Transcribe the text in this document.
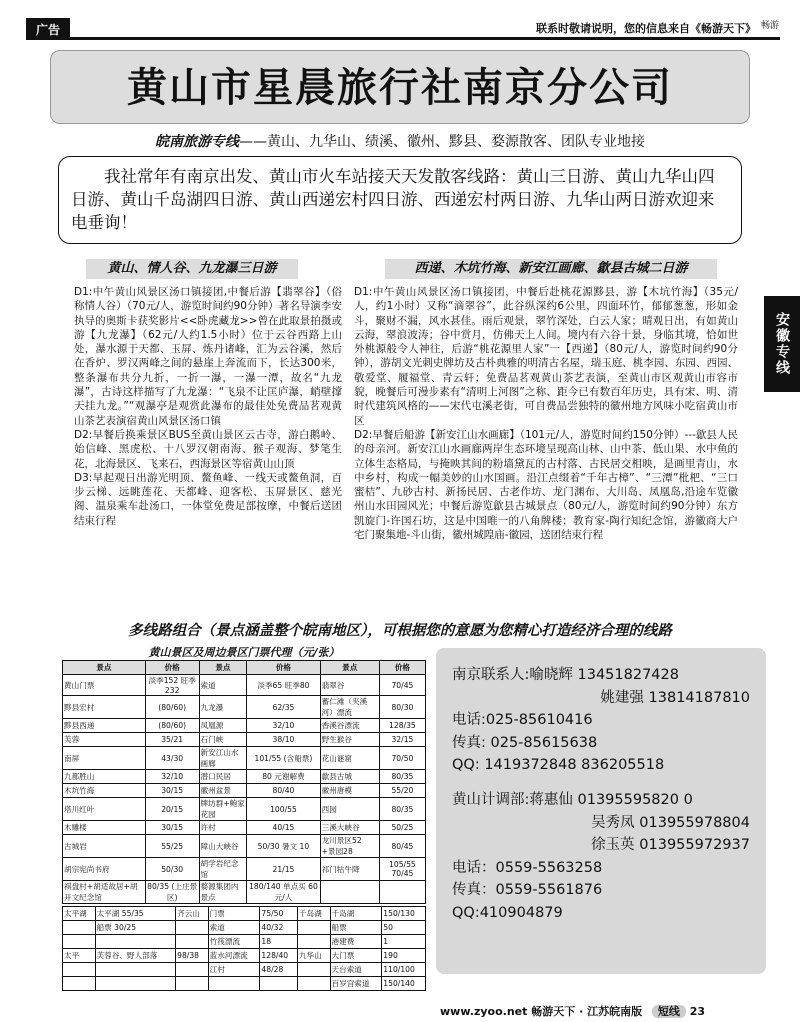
广告	联系时敬请说明，您的信息来自《畅游天下》 畅游
黄山市星晨旅行社南京分公司
皖南旅游专线——黄山、九华山、绩溪、徽州、黟县、婺源散客、团队专业地接

我社常年有南京出发、黄山市火车站接天天发散客线路：黄山三日游、黄山九华山四日游、黄山千岛湖四日游、黄山西递宏村四日游、西递宏村两日游、九华山两日游欢迎来电垂询！

黄山、情人谷、九龙瀑三日游	西递、木坑竹海、新安江画廊、歙县古城二日游

D1:中午黄山风景区汤口镇接团,中餐后游【翡翠谷】（俗称情人谷）（70元/人，游览时间约90分钟）著名导演李安执导的奥斯卡获奖影片<<卧虎藏龙>>曾在此取景拍摄或游【九龙瀑】（62元/人约1.5小时）位于云谷西路上山处，瀑水源于天都、玉屏、炼丹诸峰，汇为云谷溪，然后在香炉、罗汉两峰之间的悬崖上奔流而下，长达300米，整条瀑布共分九折，一折一瀑，一瀑一潭，故名“九龙瀑”，古诗这样描写了九龙瀑：“飞泉不让匡庐瀑，峭壁撑天挂九龙。”“观瀑亭是观赏此瀑布的最佳处免费品茗观黄山茶艺表演宿黄山风景区汤口镇

D2:早餐后换乘景区BUS至黄山景区云古寺，游白鹅岭、始信峰、黑虎松、十八罗汉朝南海、猴子观海、梦笔生花，北海景区、飞来石，西海景区等宿黄山山顶

D3:早起观日出游光明顶、鳌鱼峰、一线天或鳌鱼洞，百步云梯、远眺莲花、天都峰、迎客松、玉屏景区、慈光阁、温泉乘车赴汤口，一体堂免费足部按摩，中餐后送团结束行程

D1:中午黄山风景区汤口镇接团，中餐后赴桃花源黟县，游【木坑竹海】（35元/人，约1小时）又称“滴翠谷”，此谷纵深约6公里，四面环竹，郁郁葱葱，形如金斗，聚财不漏，风水甚佳。雨后观景，翠竹深处，白云人家；晴观日出，有如黄山云海，翠浪波涛；谷中赏月，仿佛天上人间。境内有六谷十景，身临其境，恰如世外桃源般令人神往，后游“桃花源里人家”一【西递】（80元/人，游览时间约90分钟），游胡文光刺史牌坊及古朴典雅的明清古名屋，瑞玉庭、桃李园、东园、西园、敬爱堂、履福堂、青云轩；免费品茗观黄山茶艺表演，至黄山市区观黄山市容市貌，晚餐后可漫步素有“清明上河图”之称、距今已有数百年历史，具有宋、明、清时代建筑风格的——宋代屯溪老街，可自费品尝独特的徽州地方风味小吃宿黄山市区

D2:早餐后船游【新安江山水画廊】（101元/人，游览时间约150分钟）---歙县人民的母亲河。新安江山水画廊两岸生态环境呈现高山林、山中茶、低山果、水中鱼的立体生态格局，与掩映其间的粉墙黛瓦的古村落、古民居交相映，是画里青山，水中乡村，构成一幅美妙的山水国画。沿江点缀着“千年古樟”、“三潭”枇杷、“三口蜜桔”、九砂古村、新扬民居、古老作坊、龙门渊布、大川岛、凤凰岛,沿途车览徽州山水田园风光；中餐后游览歙县古城景点（80元/人，游览时间约90分钟）东方凯旋门-许国石坊，这是中国唯一的八角牌楼；教育家-陶行知纪念馆，游徽商大户宅门聚集地-斗山街，徽州城隍庙-徽园，送团结束行程

安徽专线
多线路组合（景点涵盖整个皖南地区），可根据您的意愿为您精心打造经济合理的线路
黄山景区及周边景区门票代理（元/张）
景点	价格	景点	价格	景点	价格
黄山门票	淡季152 旺季232	索道	淡季65 旺季80	翡翠谷	70/45
黟县宏村	(80/60)	九龙瀑	62/35	蓄仁滩（夹溪河）漂流	80/30
黟县西递	(80/60)	凤凰源	32/10	香溪谷漂流	128/35
芙蓉	35/21	石门峡	38/10	野生猴谷	32/15
南屏	43/30	新安江山水画廊	101/55 (含船票)	花山谜窟	70/50
九都胜山	32/10	潜口民居	80 元谢解费	歙县古城	80/35
木坑竹海	30/15	徽州盆景	80/40	徽州唐模	55/20
塔川红叶	20/15	牌坊群+鲍家花园	100/55	西园	80/35
木雕楼	30/15	许村	40/15	三溪大峡谷	50/25
古城岩	55/25	障山大峡谷	50/30 暑文 10	龙川景区52 +景园28	80/45
胡宗宪尚书府	50/30	胡学岩纪念馆	21/15	祁门牯牛降	105/55 70/45
祺盘村+胡适故居+胡开文纪念馆	80/35 (上庄景区)	婺源集团内景点	180/140 单点买 60 元/人		
太平湖	太平湖 55/35	齐云山	门票	75/50	千岛湖	千岛湖	150/130
	船票 30/25		索道	40/32		船票	50
			竹筏漂流	18		港建费	1
太平	芙蓉谷、野人部落	98/38	蓝水河漂流	128/40	九华山	大门票	190
			江村	48/28		天台索道	110/100
						百岁宫索道	150/140
南京联系人:喻晓辉 13451827428
姚建强 13814187810
电话:025-85610416
传真: 025-85615638
QQ: 1419372848 836205518
黄山计调部:蒋惠仙 01395595820 0
吴秀凤 013955978804
徐玉英 013955972937
电话：0559-5563258
传真：0559-5561876
QQ:410904879
www.zyoo.net 畅游天下 · 江苏皖南版 短线 23
